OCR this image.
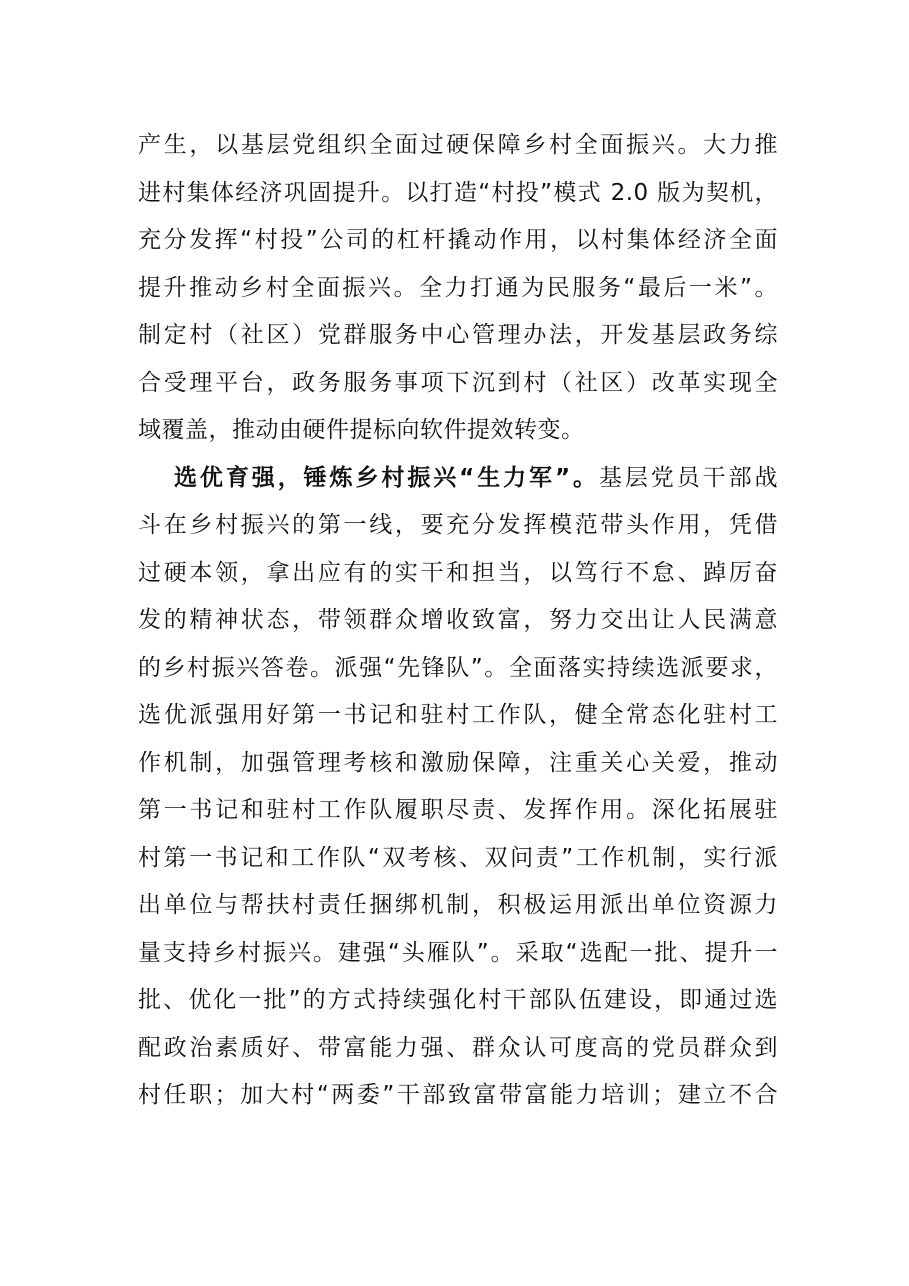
产生，以基层党组织全面过硬保障乡村全面振兴。大力推
进村集体经济巩固提升。以打造“村投”模式 2.0 版为契机，
充分发挥“村投”公司的杠杆撬动作用，以村集体经济全面
提升推动乡村全面振兴。全力打通为民服务“最后一米”。
制定村（社区）党群服务中心管理办法，开发基层政务综
合受理平台，政务服务事项下沉到村（社区）改革实现全
域覆盖，推动由硬件提标向软件提效转变。
选优育强，锤炼乡村振兴“生力军”。基层党员干部战
斗在乡村振兴的第一线，要充分发挥模范带头作用，凭借
过硬本领，拿出应有的实干和担当，以笃行不怠、踔厉奋
发的精神状态，带领群众增收致富，努力交出让人民满意
的乡村振兴答卷。派强“先锋队”。全面落实持续选派要求，
选优派强用好第一书记和驻村工作队，健全常态化驻村工
作机制，加强管理考核和激励保障，注重关心关爱，推动
第一书记和驻村工作队履职尽责、发挥作用。深化拓展驻
村第一书记和工作队“双考核、双问责”工作机制，实行派
出单位与帮扶村责任捆绑机制，积极运用派出单位资源力
量支持乡村振兴。建强“头雁队”。采取“选配一批、提升一
批、优化一批”的方式持续强化村干部队伍建设，即通过选
配政治素质好、带富能力强、群众认可度高的党员群众到
村任职；加大村“两委”干部致富带富能力培训；建立不合
